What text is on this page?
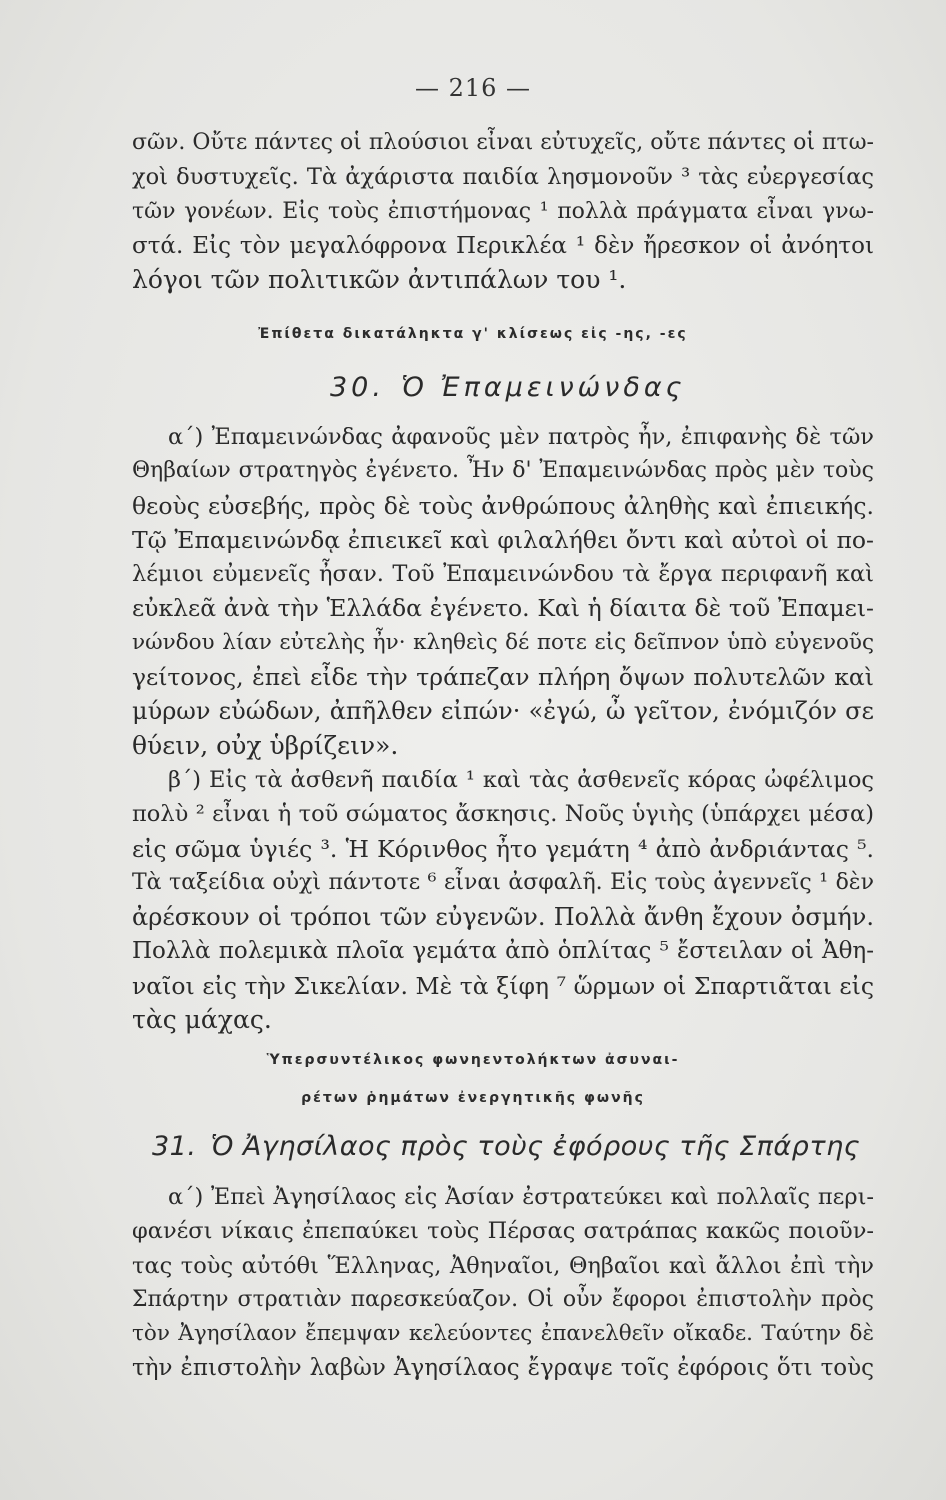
— 216 —
σῶν. Οὔτε πάντες οἱ πλούσιοι εἶναι εὐτυχεῖς, οὔτε πάντες οἱ πτω-
χοὶ δυστυχεῖς. Τὰ ἀχάριστα παιδία λησμονοῦν ³ τὰς εὐεργεσίας
τῶν γονέων. Εἰς τοὺς ἐπιστήμονας ¹ πολλὰ πράγματα εἶναι γνω-
στά. Εἰς τὸν μεγαλόφρονα Περικλέα ¹ δὲν ἤρεσκον οἱ ἀνόητοι
λόγοι τῶν πολιτικῶν ἀντιπάλων του ¹.
Ἐπίθετα δικατάληκτα γ' κλίσεως εἰς -ης, -ες
30. Ὁ Ἐπαμεινώνδας
α΄) Ἐπαμεινώνδας ἀφανοῦς μὲν πατρὸς ἦν, ἐπιφανὴς δὲ τῶν
Θηβαίων στρατηγὸς ἐγένετο. Ἦν δ' Ἐπαμεινώνδας πρὸς μὲν τοὺς
θεοὺς εὐσεβής, πρὸς δὲ τοὺς ἀνθρώπους ἀληθὴς καὶ ἐπιεικής.
Τῷ Ἐπαμεινώνδᾳ ἐπιεικεῖ καὶ φιλαλήθει ὄντι καὶ αὐτοὶ οἱ πο-
λέμιοι εὐμενεῖς ἦσαν. Τοῦ Ἐπαμεινώνδου τὰ ἔργα περιφανῆ καὶ
εὐκλεᾶ ἀνὰ τὴν Ἑλλάδα ἐγένετο. Καὶ ἡ δίαιτα δὲ τοῦ Ἐπαμει-
νώνδου λίαν εὐτελὴς ἦν· κληθεὶς δέ ποτε εἰς δεῖπνον ὑπὸ εὐγενοῦς
γείτονος, ἐπεὶ εἶδε τὴν τράπεζαν πλήρη ὄψων πολυτελῶν καὶ
μύρων εὐώδων, ἀπῆλθεν εἰπών· «ἐγώ, ὦ γεῖτον, ἐνόμιζόν σε
θύειν, οὐχ ὑβρίζειν».
β΄) Εἰς τὰ ἀσθενῆ παιδία ¹ καὶ τὰς ἀσθενεῖς κόρας ὠφέλιμος
πολὺ ² εἶναι ἡ τοῦ σώματος ἄσκησις. Νοῦς ὑγιὴς (ὑπάρχει μέσα)
εἰς σῶμα ὑγιές ³. Ἡ Κόρινθος ἦτο γεμάτη ⁴ ἀπὸ ἀνδριάντας ⁵.
Τὰ ταξείδια οὐχὶ πάντοτε ⁶ εἶναι ἀσφαλῆ. Εἰς τοὺς ἀγεννεῖς ¹ δὲν
ἀρέσκουν οἱ τρόποι τῶν εὐγενῶν. Πολλὰ ἄνθη ἔχουν ὀσμήν.
Πολλὰ πολεμικὰ πλοῖα γεμάτα ἀπὸ ὁπλίτας ⁵ ἔστειλαν οἱ Ἀθη-
ναῖοι εἰς τὴν Σικελίαν. Μὲ τὰ ξίφη ⁷ ὥρμων οἱ Σπαρτιᾶται εἰς
τὰς μάχας.
Ὑπερσυντέλικος φωνηεντολήκτων ἀσυναι-
ρέτων ῥημάτων ἐνεργητικῆς φωνῆς
31. Ὁ Ἀγησίλαος πρὸς τοὺς ἐφόρους τῆς Σπάρτης
α΄) Ἐπεὶ Ἀγησίλαος εἰς Ἀσίαν ἐστρατεύκει καὶ πολλαῖς περι-
φανέσι νίκαις ἐπεπαύκει τοὺς Πέρσας σατράπας κακῶς ποιοῦν-
τας τοὺς αὐτόθι Ἕλληνας, Ἀθηναῖοι, Θηβαῖοι καὶ ἄλλοι ἐπὶ τὴν
Σπάρτην στρατιὰν παρεσκεύαζον. Οἱ οὖν ἔφοροι ἐπιστολὴν πρὸς
τὸν Ἀγησίλαον ἔπεμψαν κελεύοντες ἐπανελθεῖν οἴκαδε. Ταύτην δὲ
τὴν ἐπιστολὴν λαβὼν Ἀγησίλαος ἔγραψε τοῖς ἐφόροις ὅτι τοὺς
